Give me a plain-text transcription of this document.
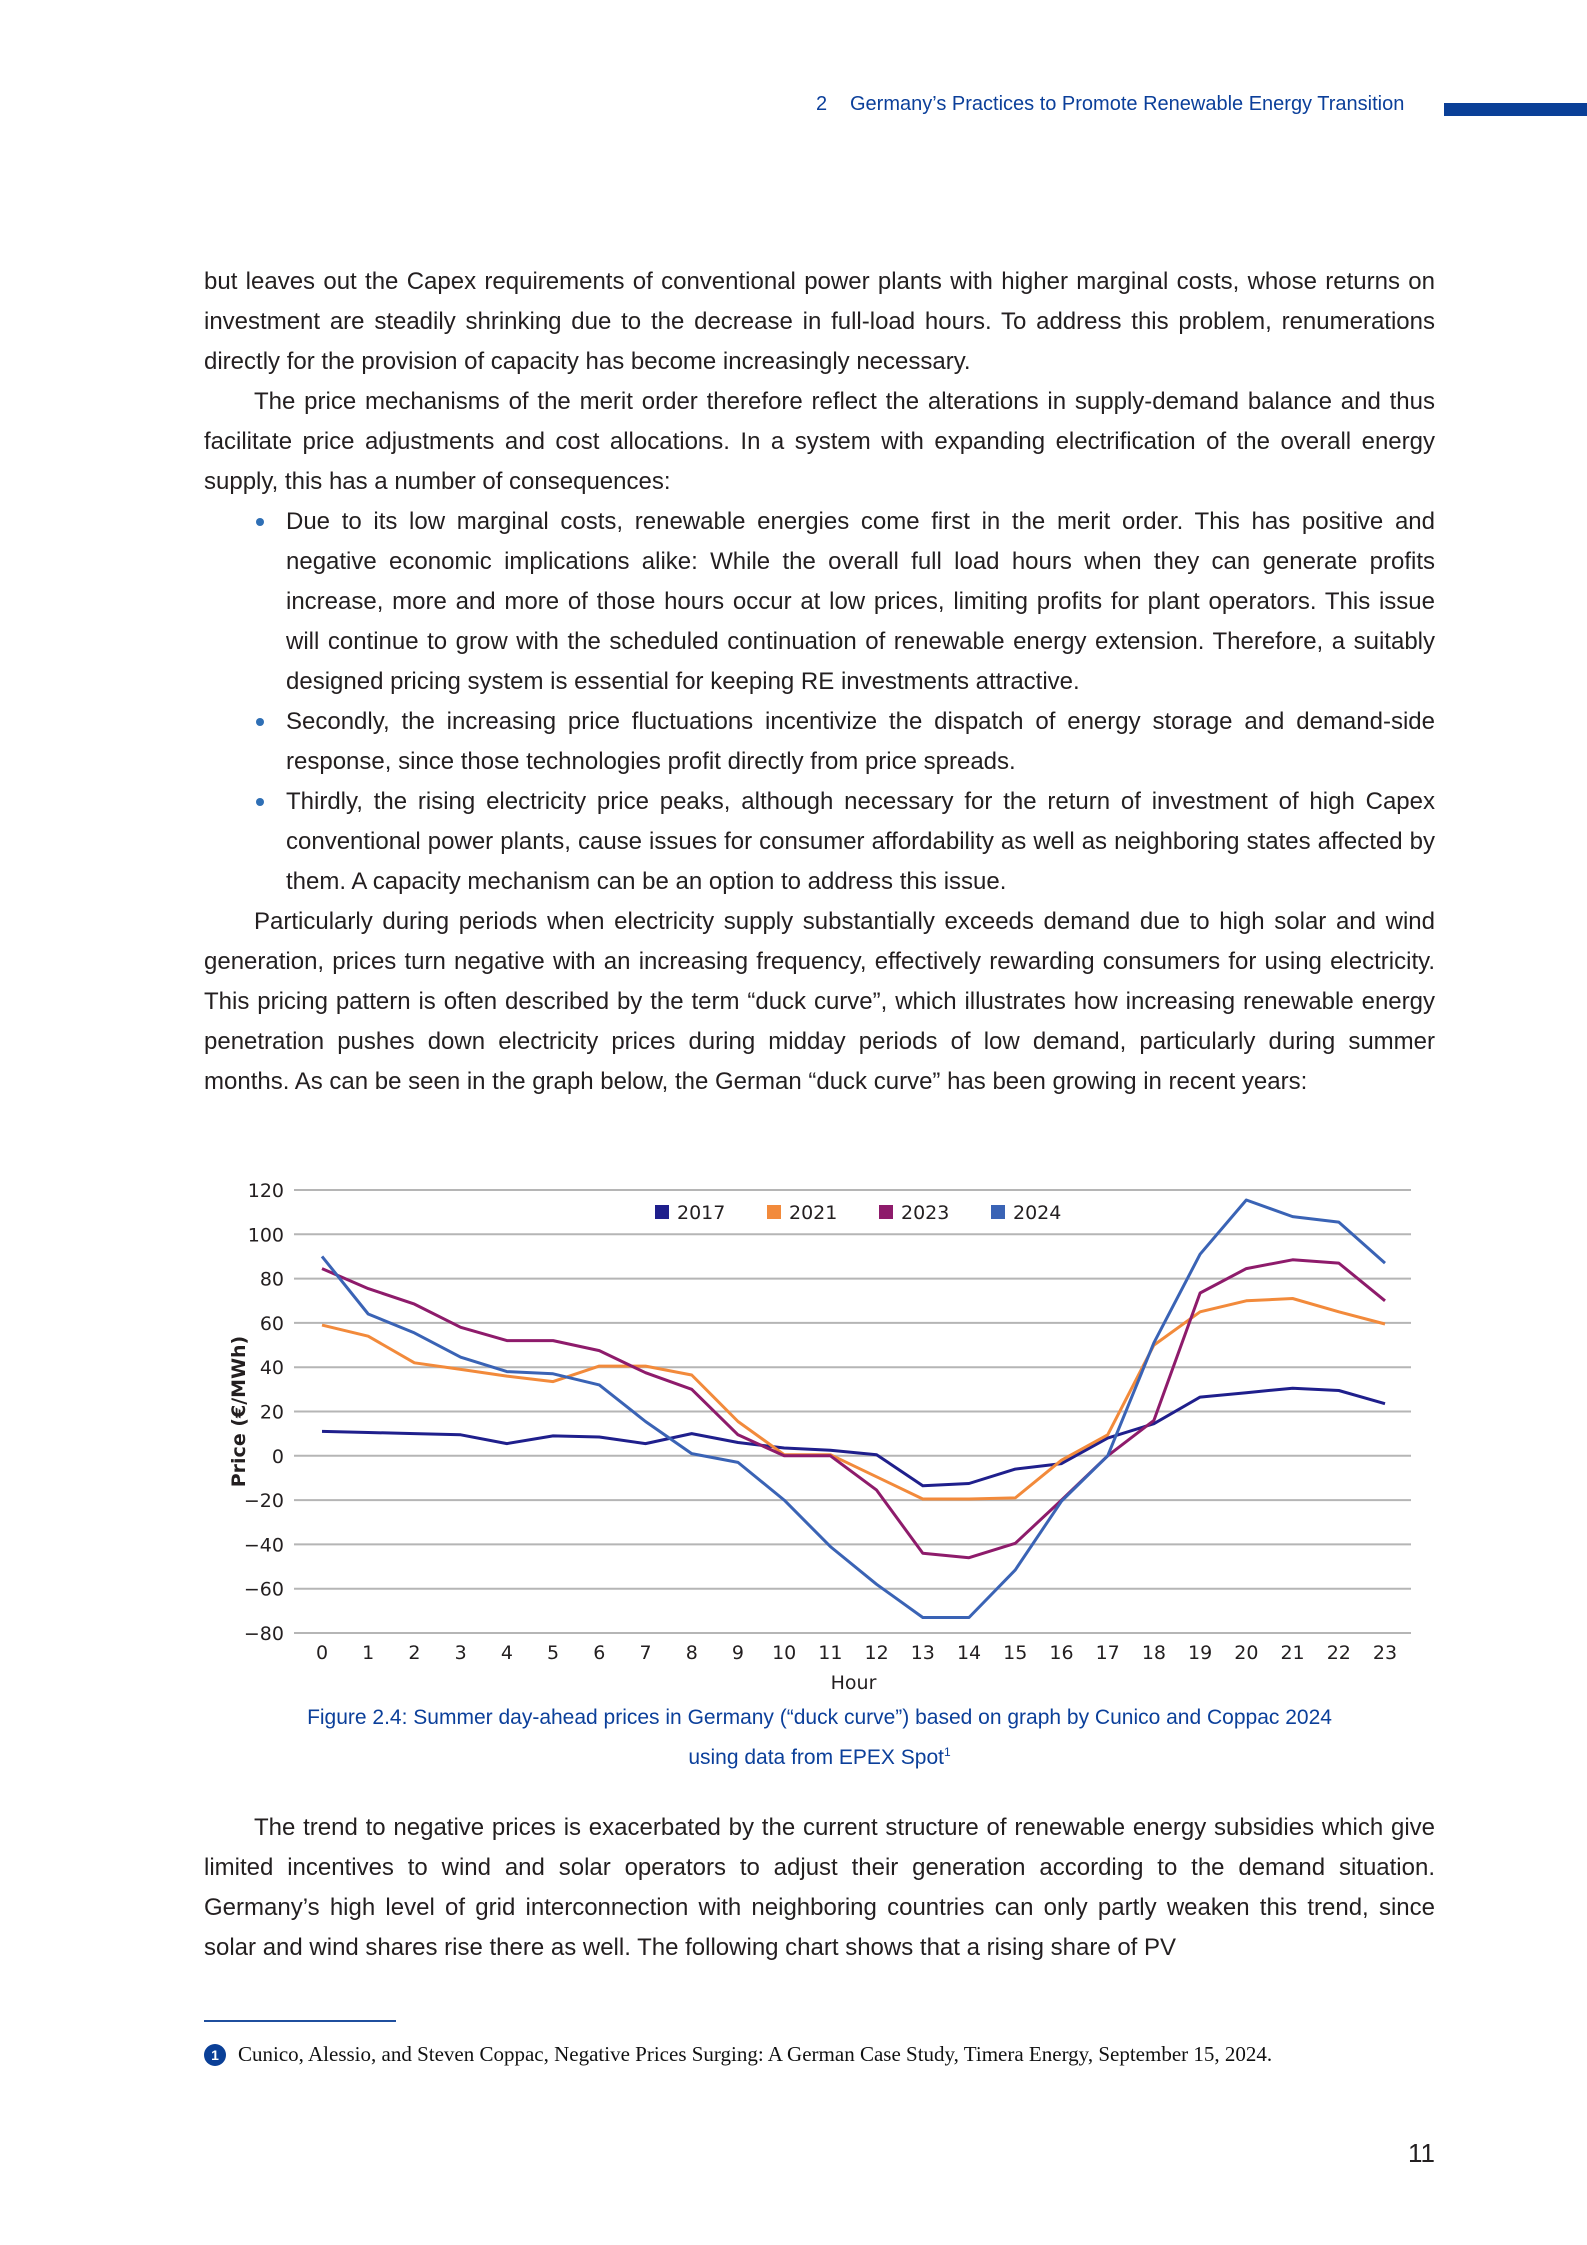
2 Germany’s Practices to Promote Renewable Energy Transition

but leaves out the Capex requirements of conventional power plants with higher marginal costs, whose returns on investment are steadily shrinking due to the decrease in full-load hours. To address this problem, renumerations directly for the provision of capacity has become increasingly necessary.

The price mechanisms of the merit order therefore reflect the alterations in supply-demand balance and thus facilitate price adjustments and cost allocations. In a system with expanding electrification of the overall energy supply, this has a number of consequences:

Due to its low marginal costs, renewable energies come first in the merit order. This has positive and negative economic implications alike: While the overall full load hours when they can generate profits increase, more and more of those hours occur at low prices, limiting profits for plant operators. This issue will continue to grow with the scheduled continuation of renewable energy extension. Therefore, a suitably designed pricing system is essential for keeping RE investments attractive.
Secondly, the increasing price fluctuations incentivize the dispatch of energy storage and demand-side response, since those technologies profit directly from price spreads.
Thirdly, the rising electricity price peaks, although necessary for the return of investment of high Capex conventional power plants, cause issues for consumer affordability as well as neighboring states affected by them. A capacity mechanism can be an option to address this issue.

Particularly during periods when electricity supply substantially exceeds demand due to high solar and wind generation, prices turn negative with an increasing frequency, effectively rewarding consumers for using electricity. This pricing pattern is often described by the term “duck curve”, which illustrates how increasing renewable energy penetration pushes down electricity prices during midday periods of low demand, particularly during summer months. As can be seen in the graph below, the German “duck curve” has been growing in recent years:

120
100
80
60
40
20
0
−20
−40
−60
−80
0 1 2 3 4 5 6 7 8 9 10 11 12 13 14 15 16 17 18 19 20 21 22 23
Hour
Price (€/MWh)
2017	2021	2023	2024
Figure 2.4: Summer day-ahead prices in Germany (“duck curve”) based on graph by Cunico and Coppac 2024
using data from EPEX Spot$^1$

The trend to negative prices is exacerbated by the current structure of renewable energy subsidies which give limited incentives to wind and solar operators to adjust their generation according to the demand situation. Germany’s high level of grid interconnection with neighboring countries can only partly weaken this trend, since solar and wind shares rise there as well. The following chart shows that a rising share of PV

1 Cunico, Alessio, and Steven Coppac, Negative Prices Surging: A German Case Study, Timera Energy, September 15, 2024.
11
